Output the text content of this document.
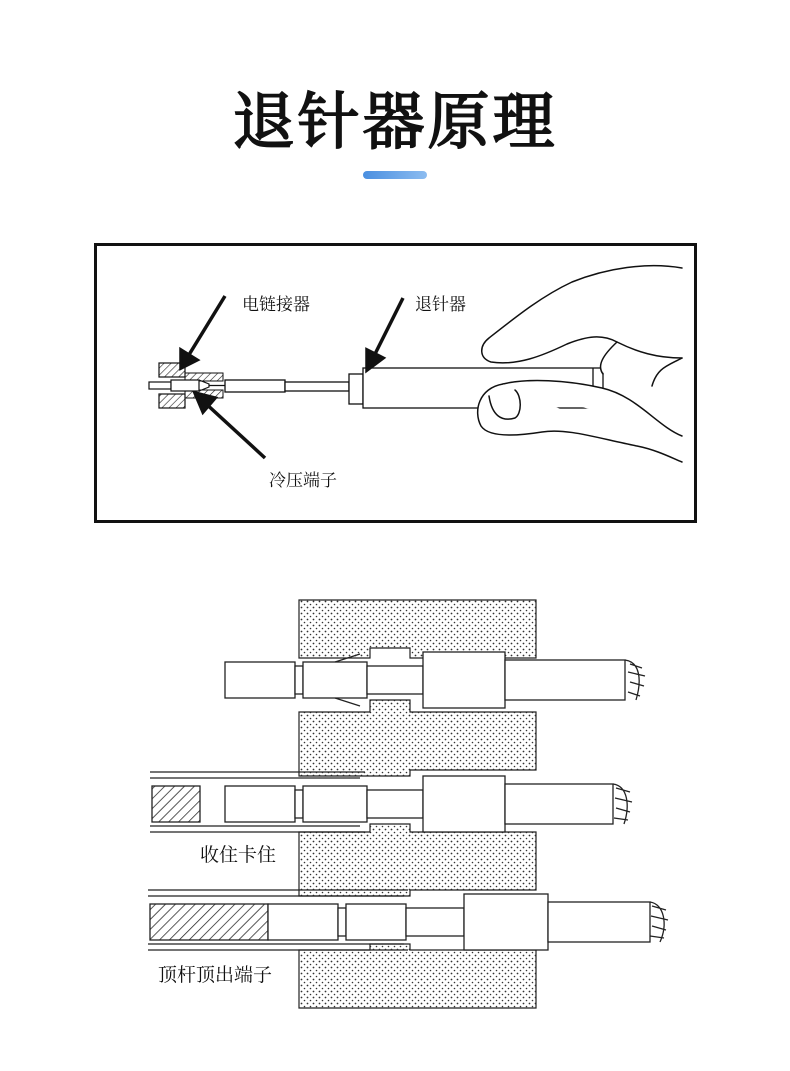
退针器原理
电链接器	退针器
冷压端子
收住卡住
顶杆顶出端子
